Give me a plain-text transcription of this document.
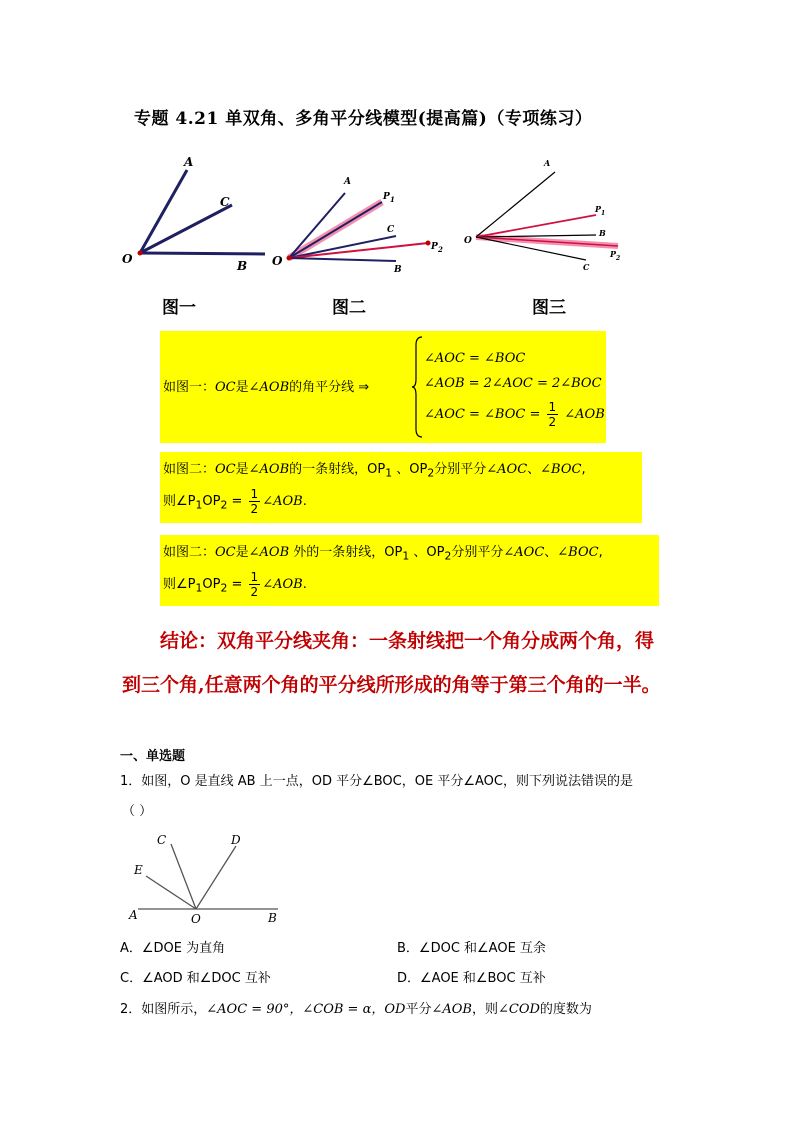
专题 4.21 单双角、多角平分线模型(提高篇)（专项练习）
A
C
O	B
A
P 1
C
P 2
O
B
A
P 1
B
O
C
P 2
图一	图二	图三
如图一：OC是∠AOB的角平分线 ⇒
∠AOC = ∠BOC
∠AOB = 2∠AOC = 2∠BOC
∠AOC = ∠BOC = $\frac{1}{2}$ ∠AOB
如图二：OC是∠AOB的一条射线，$OP_1$ 、$OP_2$分别平分∠AOC、∠BOC,
则$\angle P_1OP_2 = \frac{1}{2}$ ∠AOB.
如图二：OC是∠AOB 外的一条射线，$OP_1$ 、$OP_2$分别平分∠AOC、∠BOC,
则$\angle P_1OP_2 = \frac{1}{2}$ ∠AOB.
结论：双角平分线夹角：一条射线把一个角分成两个角，得
到三个角,任意两个角的平分线所形成的角等于第三个角的一半。
一、单选题
1．如图，O 是直线 AB 上一点，OD 平分∠BOC，OE 平分∠AOC，则下列说法错误的是
（ ）
C	D
E
A	O	B
A．∠DOE 为直角	B．∠DOC 和∠AOE 互余
C．∠AOD 和∠DOC 互补	D．∠AOE 和∠BOC 互补
2．如图所示，∠AOC = 90°，∠COB = α，OD平分∠AOB，则∠COD的度数为
